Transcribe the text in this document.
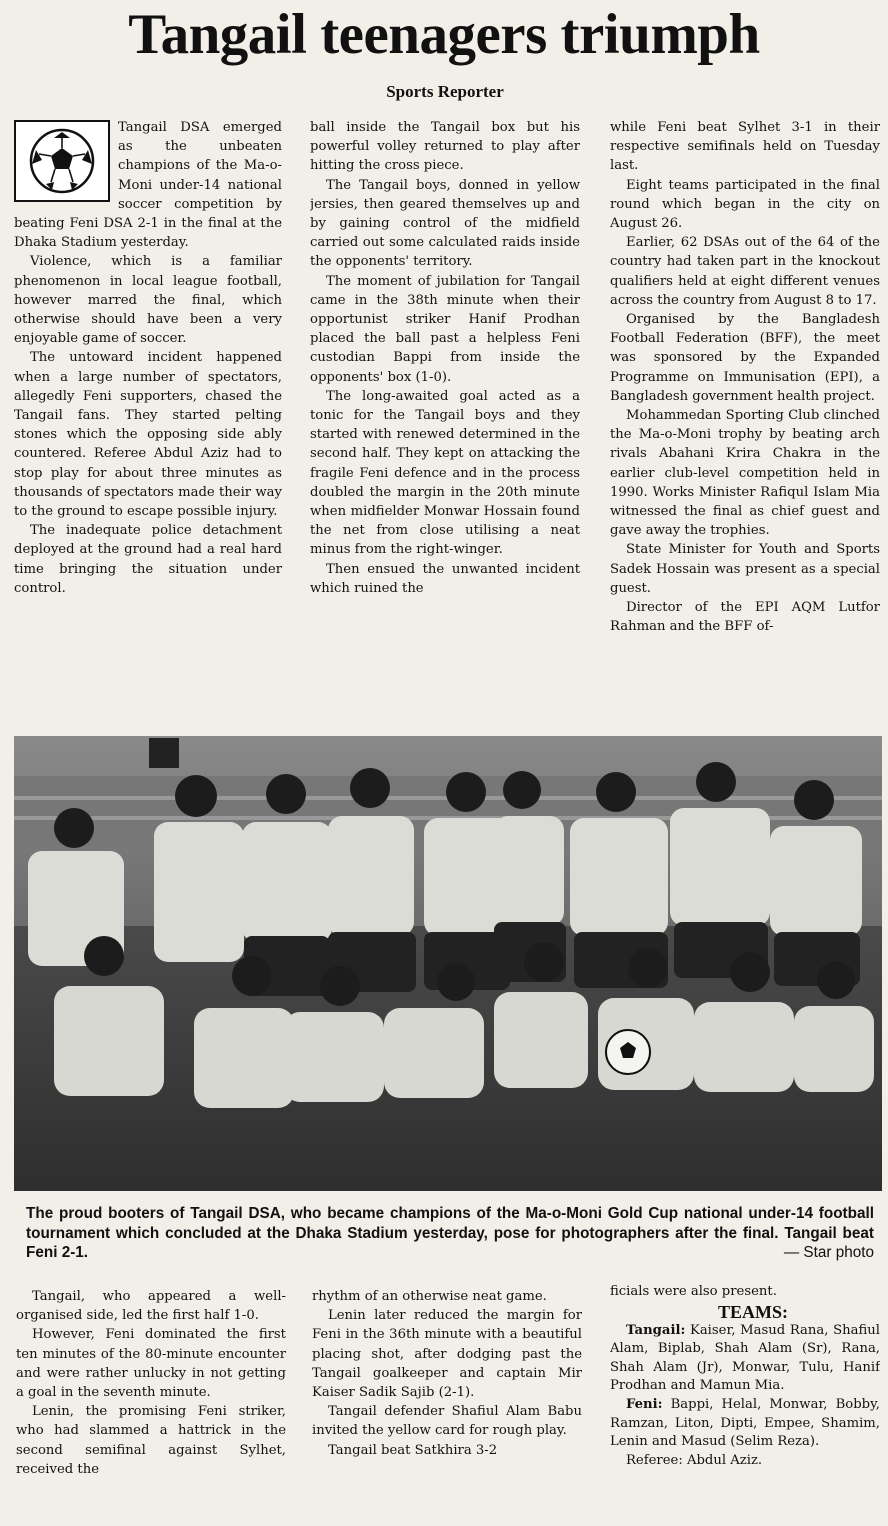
Tangail teenagers triumph
Sports Reporter

Tangail DSA emerged as the unbeaten champions of the Ma-o-Moni under-14 national soccer competition by beating Feni DSA 2-1 in the final at the Dhaka Stadium yesterday.

Violence, which is a familiar phenomenon in local league football, however marred the final, which otherwise should have been a very enjoyable game of soccer.

The untoward incident happened when a large number of spectators, allegedly Feni supporters, chased the Tangail fans. They started pelting stones which the opposing side ably countered. Referee Abdul Aziz had to stop play for about three minutes as thousands of spectators made their way to the ground to escape possible injury.

The inadequate police detachment deployed at the ground had a real hard time bringing the situation under control.

ball inside the Tangail box but his powerful volley returned to play after hitting the cross piece.

The Tangail boys, donned in yellow jersies, then geared themselves up and by gaining control of the midfield carried out some calculated raids inside the opponents' territory.

The moment of jubilation for Tangail came in the 38th minute when their opportunist striker Hanif Prodhan placed the ball past a helpless Feni custodian Bappi from inside the opponents' box (1-0).

The long-awaited goal acted as a tonic for the Tangail boys and they started with renewed determined in the second half. They kept on attacking the fragile Feni defence and in the process doubled the margin in the 20th minute when midfielder Monwar Hossain found the net from close utilising a neat minus from the right-winger.

Then ensued the unwanted incident which ruined the

while Feni beat Sylhet 3-1 in their respective semifinals held on Tuesday last.

Eight teams participated in the final round which began in the city on August 26.

Earlier, 62 DSAs out of the 64 of the country had taken part in the knockout qualifiers held at eight different venues across the country from August 8 to 17.

Organised by the Bangladesh Football Federation (BFF), the meet was sponsored by the Expanded Programme on Immunisation (EPI), a Bangladesh government health project.

Mohammedan Sporting Club clinched the Ma-o-Moni trophy by beating arch rivals Abahani Krira Chakra in the earlier club-level competition held in 1990. Works Minister Rafiqul Islam Mia witnessed the final as chief guest and gave away the trophies.

State Minister for Youth and Sports Sadek Hossain was present as a special guest.

Director of the EPI AQM Lutfor Rahman and the BFF of-

The proud booters of Tangail DSA, who became champions of the Ma-o-Moni Gold Cup national under-14 football tournament which concluded at the Dhaka Stadium yesterday, pose for photographers after the final. Tangail beat Feni 2-1.	— Star photo

Tangail, who appeared a well-organised side, led the first half 1-0.

However, Feni dominated the first ten minutes of the 80-minute encounter and were rather unlucky in not getting a goal in the seventh minute.

Lenin, the promising Feni striker, who had slammed a hattrick in the second semifinal against Sylhet, received the

rhythm of an otherwise neat game.

Lenin later reduced the margin for Feni in the 36th minute with a beautiful placing shot, after dodging past the Tangail goalkeeper and captain Mir Kaiser Sadik Sajib (2-1).

Tangail defender Shafiul Alam Babu invited the yellow card for rough play.

Tangail beat Satkhira 3-2

ficials were also present.

TEAMS:

Tangail: Kaiser, Masud Rana, Shafiul Alam, Biplab, Shah Alam (Sr), Rana, Shah Alam (Jr), Monwar, Tulu, Hanif Prodhan and Mamun Mia.

Feni: Bappi, Helal, Monwar, Bobby, Ramzan, Liton, Dipti, Empee, Shamim, Lenin and Masud (Selim Reza).

Referee: Abdul Aziz.
